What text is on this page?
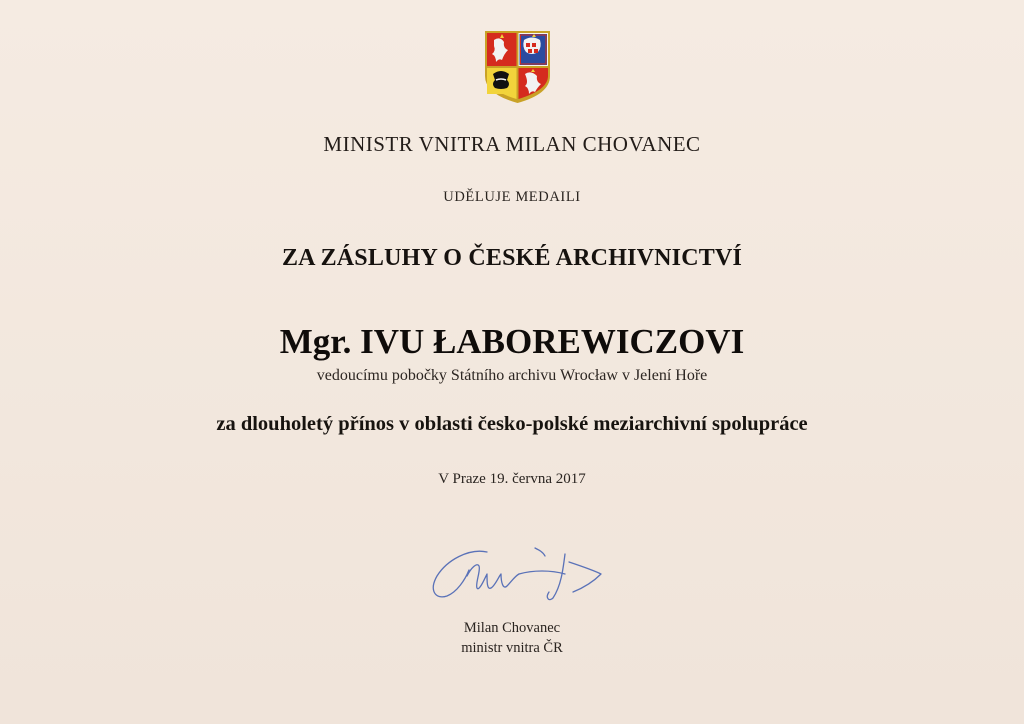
MINISTR VNITRA MILAN CHOVANEC
UDĚLUJE MEDAILI
ZA ZÁSLUHY O ČESKÉ ARCHIVNICTVÍ
Mgr. IVU ŁABOREWICZOVI
vedoucímu pobočky Státního archivu Wrocław v Jelení Hoře
za dlouholetý přínos v oblasti česko-polské meziarchivní spolupráce
V Praze 19. června 2017
Milan Chovanec
ministr vnitra ČR
